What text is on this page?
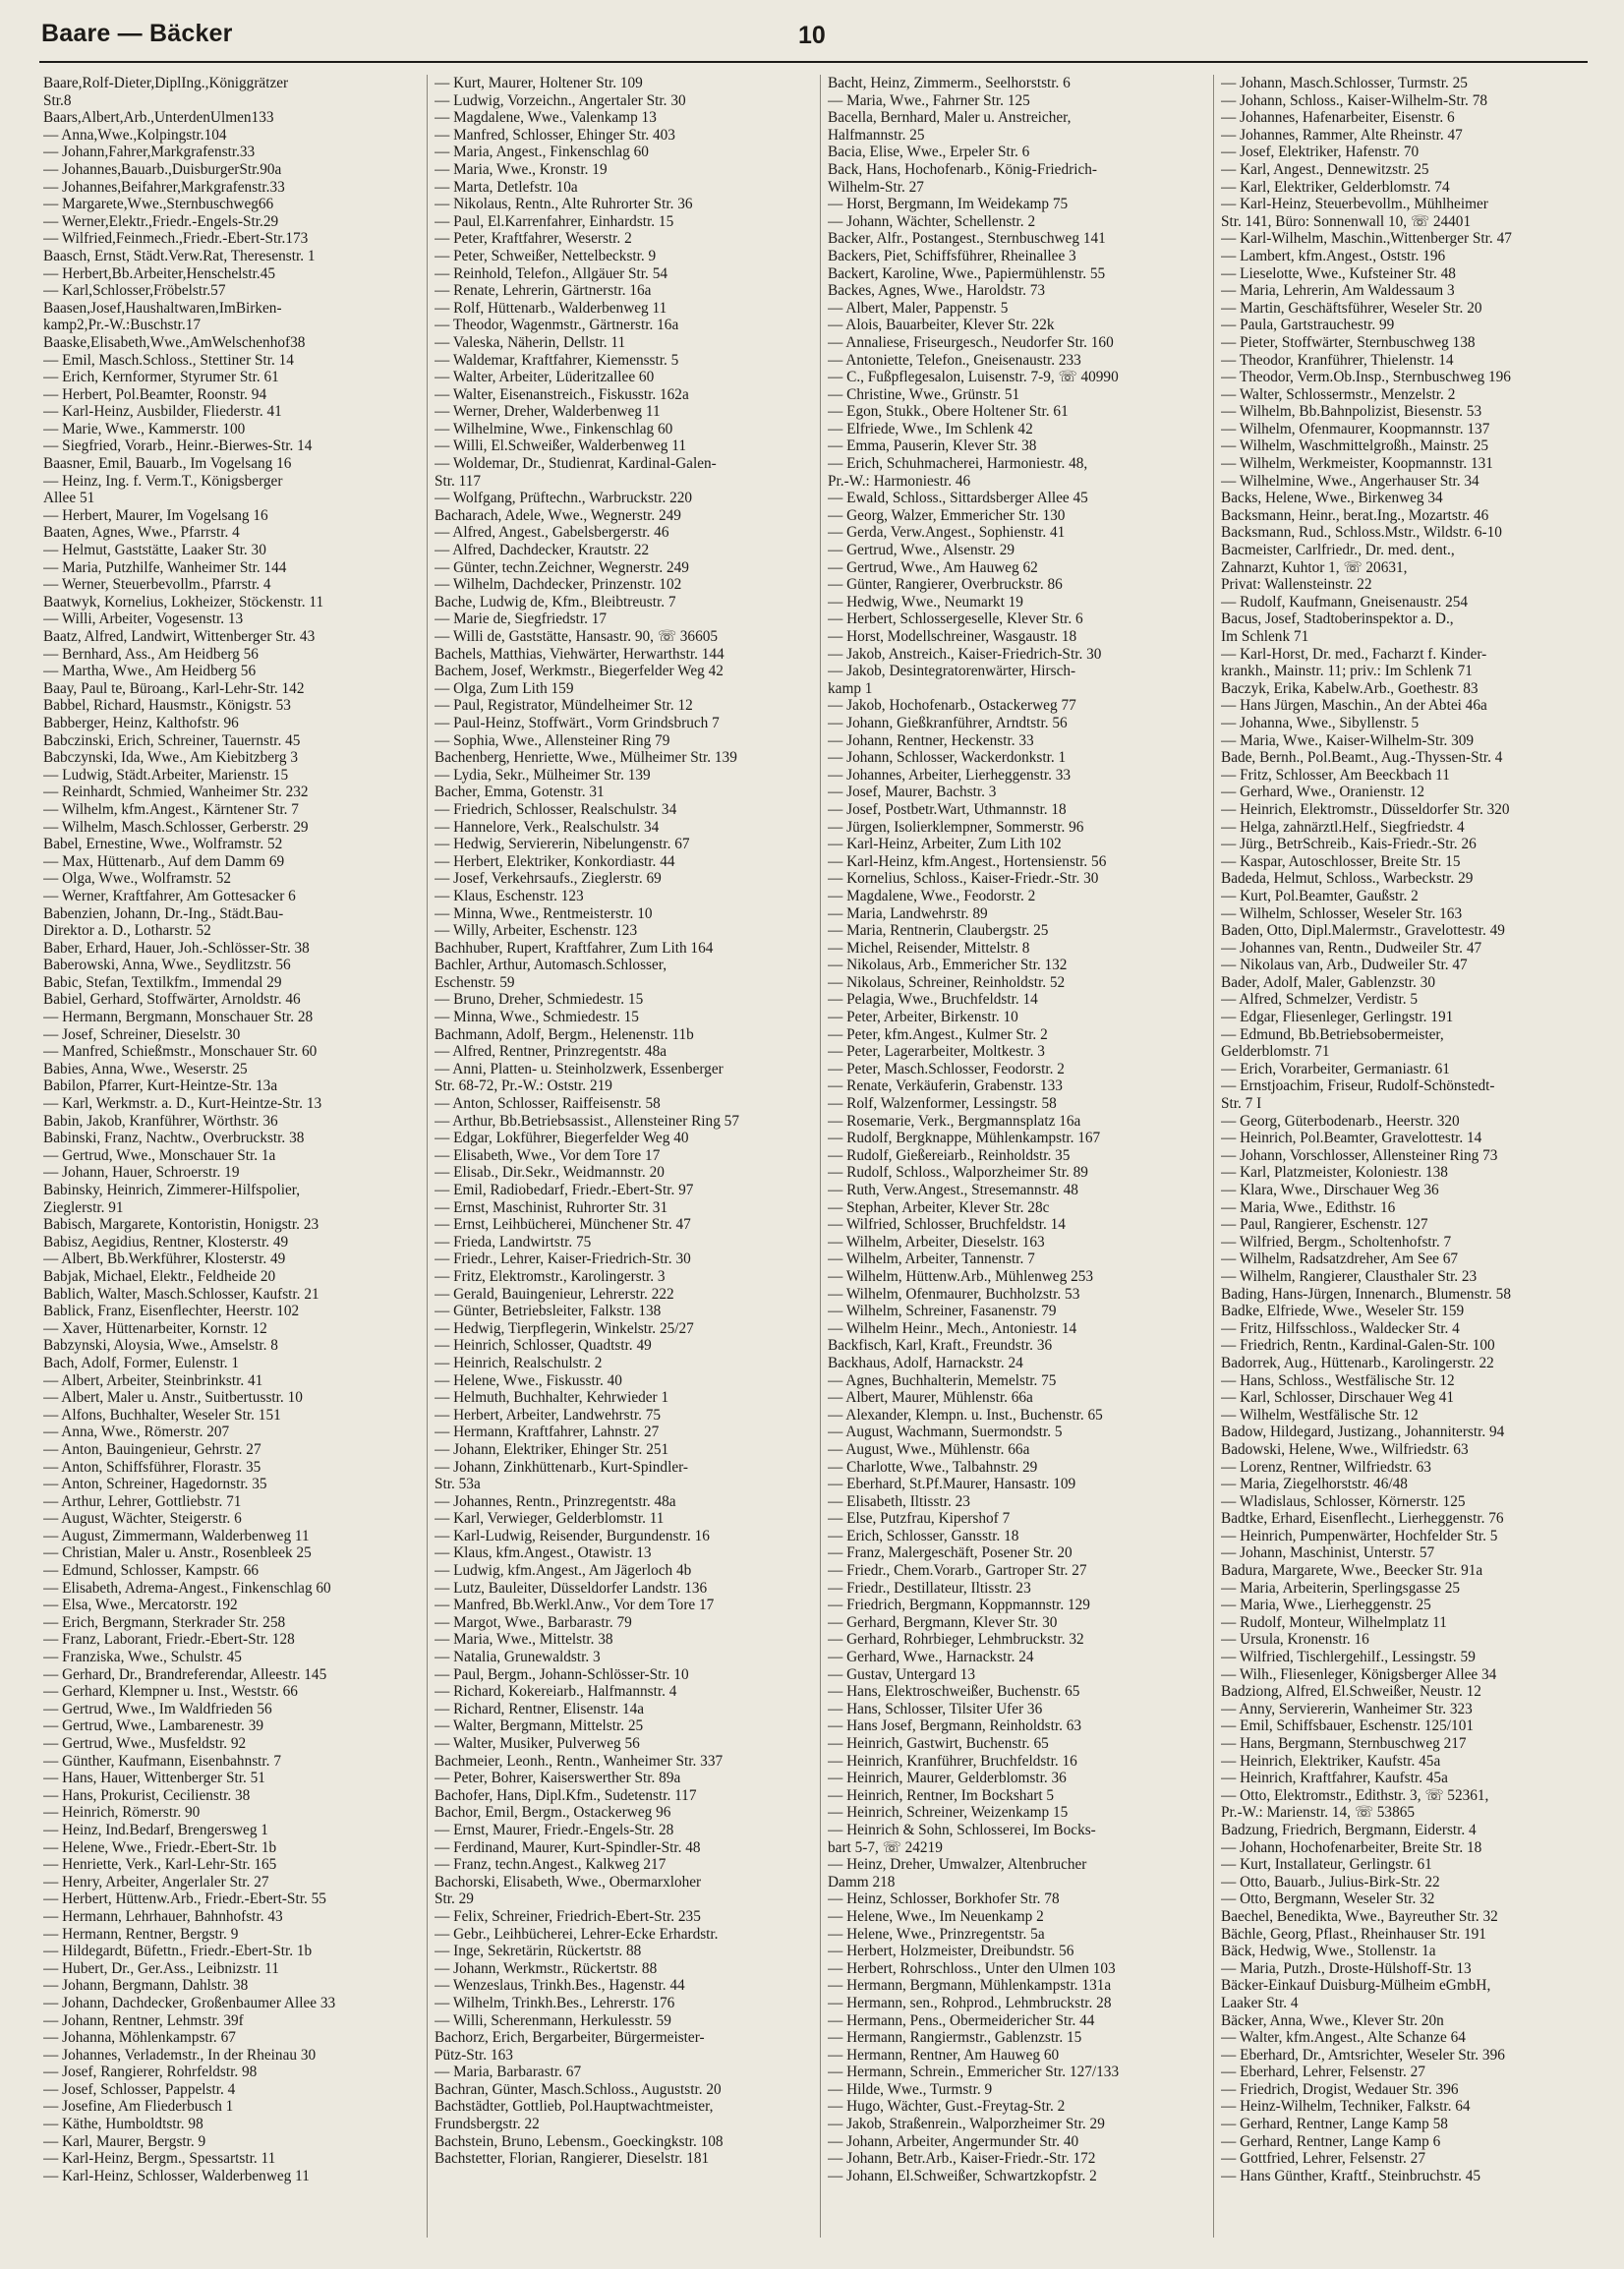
Baare — Bäcker	10
Baare,Rolf-Dieter,DiplIng.,Königgrätzer
Str.8
Baars,Albert,Arb.,UnterdenUlmen133
— Anna,Wwe.,Kolpingstr.104
— Johann,Fahrer,Markgrafenstr.33
— Johannes,Bauarb.,DuisburgerStr.90a
— Johannes,Beifahrer,Markgrafenstr.33
— Margarete,Wwe.,Sternbuschweg66
— Werner,Elektr.,Friedr.-Engels-Str.29
— Wilfried,Feinmech.,Friedr.-Ebert-Str.173
Baasch, Ernst, Städt.Verw.Rat, Theresenstr. 1
— Herbert,Bb.Arbeiter,Henschelstr.45
— Karl,Schlosser,Fröbelstr.57
Baasen,Josef,Haushaltwaren,ImBirken-
kamp2,Pr.-W.:Buschstr.17
Baaske,Elisabeth,Wwe.,AmWelschenhof38
— Emil, Masch.Schloss., Stettiner Str. 14
— Erich, Kernformer, Styrumer Str. 61
— Herbert, Pol.Beamter, Roonstr. 94
— Karl-Heinz, Ausbilder, Fliederstr. 41
— Marie, Wwe., Kammerstr. 100
— Siegfried, Vorarb., Heinr.-Bierwes-Str. 14
Baasner, Emil, Bauarb., Im Vogelsang 16
— Heinz, Ing. f. Verm.T., Königsberger
Allee 51
— Herbert, Maurer, Im Vogelsang 16
Baaten, Agnes, Wwe., Pfarrstr. 4
— Helmut, Gaststätte, Laaker Str. 30
— Maria, Putzhilfe, Wanheimer Str. 144
— Werner, Steuerbevollm., Pfarrstr. 4
Baatwyk, Kornelius, Lokheizer, Stöckenstr. 11
— Willi, Arbeiter, Vogesenstr. 13
Baatz, Alfred, Landwirt, Wittenberger Str. 43
— Bernhard, Ass., Am Heidberg 56
— Martha, Wwe., Am Heidberg 56
Baay, Paul te, Büroang., Karl-Lehr-Str. 142
Babbel, Richard, Hausmstr., Königstr. 53
Babberger, Heinz, Kalthofstr. 96
Babczinski, Erich, Schreiner, Tauernstr. 45
Babczynski, Ida, Wwe., Am Kiebitzberg 3
— Ludwig, Städt.Arbeiter, Marienstr. 15
— Reinhardt, Schmied, Wanheimer Str. 232
— Wilhelm, kfm.Angest., Kärntener Str. 7
— Wilhelm, Masch.Schlosser, Gerberstr. 29
Babel, Ernestine, Wwe., Wolframstr. 52
— Max, Hüttenarb., Auf dem Damm 69
— Olga, Wwe., Wolframstr. 52
— Werner, Kraftfahrer, Am Gottesacker 6
Babenzien, Johann, Dr.-Ing., Städt.Bau-
Direktor a. D., Lotharstr. 52
Baber, Erhard, Hauer, Joh.-Schlösser-Str. 38
Baberowski, Anna, Wwe., Seydlitzstr. 56
Babic, Stefan, Textilkfm., Immendal 29
Babiel, Gerhard, Stoffwärter, Arnoldstr. 46
— Hermann, Bergmann, Monschauer Str. 28
— Josef, Schreiner, Dieselstr. 30
— Manfred, Schießmstr., Monschauer Str. 60
Babies, Anna, Wwe., Weserstr. 25
Babilon, Pfarrer, Kurt-Heintze-Str. 13a
— Karl, Werkmstr. a. D., Kurt-Heintze-Str. 13
Babin, Jakob, Kranführer, Wörthstr. 36
Babinski, Franz, Nachtw., Overbruckstr. 38
— Gertrud, Wwe., Monschauer Str. 1a
— Johann, Hauer, Schroerstr. 19
Babinsky, Heinrich, Zimmerer-Hilfspolier,
Zieglerstr. 91
Babisch, Margarete, Kontoristin, Honigstr. 23
Babisz, Aegidius, Rentner, Klosterstr. 49
— Albert, Bb.Werkführer, Klosterstr. 49
Babjak, Michael, Elektr., Feldheide 20
Bablich, Walter, Masch.Schlosser, Kaufstr. 21
Bablick, Franz, Eisenflechter, Heerstr. 102
— Xaver, Hüttenarbeiter, Kornstr. 12
Babzynski, Aloysia, Wwe., Amselstr. 8
Bach, Adolf, Former, Eulenstr. 1
— Albert, Arbeiter, Steinbrinkstr. 41
— Albert, Maler u. Anstr., Suitbertusstr. 10
— Alfons, Buchhalter, Weseler Str. 151
— Anna, Wwe., Römerstr. 207
— Anton, Bauingenieur, Gehrstr. 27
— Anton, Schiffsführer, Florastr. 35
— Anton, Schreiner, Hagedornstr. 35
— Arthur, Lehrer, Gottliebstr. 71
— August, Wächter, Steigerstr. 6
— August, Zimmermann, Walderbenweg 11
— Christian, Maler u. Anstr., Rosenbleek 25
— Edmund, Schlosser, Kampstr. 66
— Elisabeth, Adrema-Angest., Finkenschlag 60
— Elsa, Wwe., Mercatorstr. 192
— Erich, Bergmann, Sterkrader Str. 258
— Franz, Laborant, Friedr.-Ebert-Str. 128
— Franziska, Wwe., Schulstr. 45
— Gerhard, Dr., Brandreferendar, Alleestr. 145
— Gerhard, Klempner u. Inst., Weststr. 66
— Gertrud, Wwe., Im Waldfrieden 56
— Gertrud, Wwe., Lambarenestr. 39
— Gertrud, Wwe., Musfeldstr. 92
— Günther, Kaufmann, Eisenbahnstr. 7
— Hans, Hauer, Wittenberger Str. 51
— Hans, Prokurist, Cecilienstr. 38
— Heinrich, Römerstr. 90
— Heinz, Ind.Bedarf, Brengersweg 1
— Helene, Wwe., Friedr.-Ebert-Str. 1b
— Henriette, Verk., Karl-Lehr-Str. 165
— Henry, Arbeiter, Angerlaler Str. 27
— Herbert, Hüttenw.Arb., Friedr.-Ebert-Str. 55
— Hermann, Lehrhauer, Bahnhofstr. 43
— Hermann, Rentner, Bergstr. 9
— Hildegardt, Büfettn., Friedr.-Ebert-Str. 1b
— Hubert, Dr., Ger.Ass., Leibnizstr. 11
— Johann, Bergmann, Dahlstr. 38
— Johann, Dachdecker, Großenbaumer Allee 33
— Johann, Rentner, Lehmstr. 39f
— Johanna, Möhlenkampstr. 67
— Johannes, Verlademstr., In der Rheinau 30
— Josef, Rangierer, Rohrfeldstr. 98
— Josef, Schlosser, Pappelstr. 4
— Josefine, Am Fliederbusch 1
— Käthe, Humboldtstr. 98
— Karl, Maurer, Bergstr. 9
— Karl-Heinz, Bergm., Spessartstr. 11
— Karl-Heinz, Schlosser, Walderbenweg 11
— Kurt, Maurer, Holtener Str. 109
— Ludwig, Vorzeichn., Angertaler Str. 30
— Magdalene, Wwe., Valenkamp 13
— Manfred, Schlosser, Ehinger Str. 403
— Maria, Angest., Finkenschlag 60
— Maria, Wwe., Kronstr. 19
— Marta, Detlefstr. 10a
— Nikolaus, Rentn., Alte Ruhrorter Str. 36
— Paul, El.Karrenfahrer, Einhardstr. 15
— Peter, Kraftfahrer, Weserstr. 2
— Peter, Schweißer, Nettelbeckstr. 9
— Reinhold, Telefon., Allgäuer Str. 54
— Renate, Lehrerin, Gärtnerstr. 16a
— Rolf, Hüttenarb., Walderbenweg 11
— Theodor, Wagenmstr., Gärtnerstr. 16a
— Valeska, Näherin, Dellstr. 11
— Waldemar, Kraftfahrer, Kiemensstr. 5
— Walter, Arbeiter, Lüderitzallee 60
— Walter, Eisenanstreich., Fiskusstr. 162a
— Werner, Dreher, Walderbenweg 11
— Wilhelmine, Wwe., Finkenschlag 60
— Willi, El.Schweißer, Walderbenweg 11
— Woldemar, Dr., Studienrat, Kardinal-Galen-
Str. 117
— Wolfgang, Prüftechn., Warbruckstr. 220
Bacharach, Adele, Wwe., Wegnerstr. 249
— Alfred, Angest., Gabelsbergerstr. 46
— Alfred, Dachdecker, Krautstr. 22
— Günter, techn.Zeichner, Wegnerstr. 249
— Wilhelm, Dachdecker, Prinzenstr. 102
Bache, Ludwig de, Kfm., Bleibtreustr. 7
— Marie de, Siegfriedstr. 17
— Willi de, Gaststätte, Hansastr. 90, ☏ 36605
Bachels, Matthias, Viehwärter, Herwarthstr. 144
Bachem, Josef, Werkmstr., Biegerfelder Weg 42
— Olga, Zum Lith 159
— Paul, Registrator, Mündelheimer Str. 12
— Paul-Heinz, Stoffwärt., Vorm Grindsbruch 7
— Sophia, Wwe., Allensteiner Ring 79
Bachenberg, Henriette, Wwe., Mülheimer Str. 139
— Lydia, Sekr., Mülheimer Str. 139
Bacher, Emma, Gotenstr. 31
— Friedrich, Schlosser, Realschulstr. 34
— Hannelore, Verk., Realschulstr. 34
— Hedwig, Serviererin, Nibelungenstr. 67
— Herbert, Elektriker, Konkordiastr. 44
— Josef, Verkehrsaufs., Zieglerstr. 69
— Klaus, Eschenstr. 123
— Minna, Wwe., Rentmeisterstr. 10
— Willy, Arbeiter, Eschenstr. 123
Bachhuber, Rupert, Kraftfahrer, Zum Lith 164
Bachler, Arthur, Automasch.Schlosser,
Eschenstr. 59
— Bruno, Dreher, Schmiedestr. 15
— Minna, Wwe., Schmiedestr. 15
Bachmann, Adolf, Bergm., Helenenstr. 11b
— Alfred, Rentner, Prinzregentstr. 48a
— Anni, Platten- u. Steinholzwerk, Essenberger
Str. 68-72, Pr.-W.: Oststr. 219
— Anton, Schlosser, Raiffeisenstr. 58
— Arthur, Bb.Betriebsassist., Allensteiner Ring 57
— Edgar, Lokführer, Biegerfelder Weg 40
— Elisabeth, Wwe., Vor dem Tore 17
— Elisab., Dir.Sekr., Weidmannstr. 20
— Emil, Radiobedarf, Friedr.-Ebert-Str. 97
— Ernst, Maschinist, Ruhrorter Str. 31
— Ernst, Leihbücherei, Münchener Str. 47
— Frieda, Landwirtstr. 75
— Friedr., Lehrer, Kaiser-Friedrich-Str. 30
— Fritz, Elektromstr., Karolingerstr. 3
— Gerald, Bauingenieur, Lehrerstr. 222
— Günter, Betriebsleiter, Falkstr. 138
— Hedwig, Tierpflegerin, Winkelstr. 25/27
— Heinrich, Schlosser, Quadtstr. 49
— Heinrich, Realschulstr. 2
— Helene, Wwe., Fiskusstr. 40
— Helmuth, Buchhalter, Kehrwieder 1
— Herbert, Arbeiter, Landwehrstr. 75
— Hermann, Kraftfahrer, Lahnstr. 27
— Johann, Elektriker, Ehinger Str. 251
— Johann, Zinkhüttenarb., Kurt-Spindler-
Str. 53a
— Johannes, Rentn., Prinzregentstr. 48a
— Karl, Verwieger, Gelderblomstr. 11
— Karl-Ludwig, Reisender, Burgundenstr. 16
— Klaus, kfm.Angest., Otawistr. 13
— Ludwig, kfm.Angest., Am Jägerloch 4b
— Lutz, Bauleiter, Düsseldorfer Landstr. 136
— Manfred, Bb.Werkl.Anw., Vor dem Tore 17
— Margot, Wwe., Barbarastr. 79
— Maria, Wwe., Mittelstr. 38
— Natalia, Grunewaldstr. 3
— Paul, Bergm., Johann-Schlösser-Str. 10
— Richard, Kokereiarb., Halfmannstr. 4
— Richard, Rentner, Elisenstr. 14a
— Walter, Bergmann, Mittelstr. 25
— Walter, Musiker, Pulverweg 56
Bachmeier, Leonh., Rentn., Wanheimer Str. 337
— Peter, Bohrer, Kaiserswerther Str. 89a
Bachofer, Hans, Dipl.Kfm., Sudetenstr. 117
Bachor, Emil, Bergm., Ostackerweg 96
— Ernst, Maurer, Friedr.-Engels-Str. 28
— Ferdinand, Maurer, Kurt-Spindler-Str. 48
— Franz, techn.Angest., Kalkweg 217
Bachorski, Elisabeth, Wwe., Obermarxloher
Str. 29
— Felix, Schreiner, Friedrich-Ebert-Str. 235
— Gebr., Leihbücherei, Lehrer-Ecke Erhardstr.
— Inge, Sekretärin, Rückertstr. 88
— Johann, Werkmstr., Rückertstr. 88
— Wenzeslaus, Trinkh.Bes., Hagenstr. 44
— Wilhelm, Trinkh.Bes., Lehrerstr. 176
— Willi, Scherenmann, Herkulesstr. 59
Bachorz, Erich, Bergarbeiter, Bürgermeister-
Pütz-Str. 163
— Maria, Barbarastr. 67
Bachran, Günter, Masch.Schloss., Auguststr. 20
Bachstädter, Gottlieb, Pol.Hauptwachtmeister,
Frundsbergstr. 22
Bachstein, Bruno, Lebensm., Goeckingkstr. 108
Bachstetter, Florian, Rangierer, Dieselstr. 181
Bacht, Heinz, Zimmerm., Seelhorststr. 6
— Maria, Wwe., Fahrner Str. 125
Bacella, Bernhard, Maler u. Anstreicher,
Halfmannstr. 25
Bacia, Elise, Wwe., Erpeler Str. 6
Back, Hans, Hochofenarb., König-Friedrich-
Wilhelm-Str. 27
— Horst, Bergmann, Im Weidekamp 75
— Johann, Wächter, Schellenstr. 2
Backer, Alfr., Postangest., Sternbuschweg 141
Backers, Piet, Schiffsführer, Rheinallee 3
Backert, Karoline, Wwe., Papiermühlenstr. 55
Backes, Agnes, Wwe., Haroldstr. 73
— Albert, Maler, Pappenstr. 5
— Alois, Bauarbeiter, Klever Str. 22k
— Annaliese, Friseurgesch., Neudorfer Str. 160
— Antoniette, Telefon., Gneisenaustr. 233
— C., Fußpflegesalon, Luisenstr. 7-9, ☏ 40990
— Christine, Wwe., Grünstr. 51
— Egon, Stukk., Obere Holtener Str. 61
— Elfriede, Wwe., Im Schlenk 42
— Emma, Pauserin, Klever Str. 38
— Erich, Schuhmacherei, Harmoniestr. 48,
Pr.-W.: Harmoniestr. 46
— Ewald, Schloss., Sittardsberger Allee 45
— Georg, Walzer, Emmericher Str. 130
— Gerda, Verw.Angest., Sophienstr. 41
— Gertrud, Wwe., Alsenstr. 29
— Gertrud, Wwe., Am Hauweg 62
— Günter, Rangierer, Overbruckstr. 86
— Hedwig, Wwe., Neumarkt 19
— Herbert, Schlossergeselle, Klever Str. 6
— Horst, Modellschreiner, Wasgaustr. 18
— Jakob, Anstreich., Kaiser-Friedrich-Str. 30
— Jakob, Desintegratorenwärter, Hirsch-
kamp 1
— Jakob, Hochofenarb., Ostackerweg 77
— Johann, Gießkranführer, Arndtstr. 56
— Johann, Rentner, Heckenstr. 33
— Johann, Schlosser, Wackerdonkstr. 1
— Johannes, Arbeiter, Lierheggenstr. 33
— Josef, Maurer, Bachstr. 3
— Josef, Postbetr.Wart, Uthmannstr. 18
— Jürgen, Isolierklempner, Sommerstr. 96
— Karl-Heinz, Arbeiter, Zum Lith 102
— Karl-Heinz, kfm.Angest., Hortensienstr. 56
— Kornelius, Schloss., Kaiser-Friedr.-Str. 30
— Magdalene, Wwe., Feodorstr. 2
— Maria, Landwehrstr. 89
— Maria, Rentnerin, Claubergstr. 25
— Michel, Reisender, Mittelstr. 8
— Nikolaus, Arb., Emmericher Str. 132
— Nikolaus, Schreiner, Reinholdstr. 52
— Pelagia, Wwe., Bruchfeldstr. 14
— Peter, Arbeiter, Birkenstr. 10
— Peter, kfm.Angest., Kulmer Str. 2
— Peter, Lagerarbeiter, Moltkestr. 3
— Peter, Masch.Schlosser, Feodorstr. 2
— Renate, Verkäuferin, Grabenstr. 133
— Rolf, Walzenformer, Lessingstr. 58
— Rosemarie, Verk., Bergmannsplatz 16a
— Rudolf, Bergknappe, Mühlenkampstr. 167
— Rudolf, Gießereiarb., Reinholdstr. 35
— Rudolf, Schloss., Walporzheimer Str. 89
— Ruth, Verw.Angest., Stresemannstr. 48
— Stephan, Arbeiter, Klever Str. 28c
— Wilfried, Schlosser, Bruchfeldstr. 14
— Wilhelm, Arbeiter, Dieselstr. 163
— Wilhelm, Arbeiter, Tannenstr. 7
— Wilhelm, Hüttenw.Arb., Mühlenweg 253
— Wilhelm, Ofenmaurer, Buchholzstr. 53
— Wilhelm, Schreiner, Fasanenstr. 79
— Wilhelm Heinr., Mech., Antoniestr. 14
Backfisch, Karl, Kraft., Freundstr. 36
Backhaus, Adolf, Harnackstr. 24
— Agnes, Buchhalterin, Memelstr. 75
— Albert, Maurer, Mühlenstr. 66a
— Alexander, Klempn. u. Inst., Buchenstr. 65
— August, Wachmann, Suermondstr. 5
— August, Wwe., Mühlenstr. 66a
— Charlotte, Wwe., Talbahnstr. 29
— Eberhard, St.Pf.Maurer, Hansastr. 109
— Elisabeth, Iltisstr. 23
— Else, Putzfrau, Kipershof 7
— Erich, Schlosser, Gansstr. 18
— Franz, Malergeschäft, Posener Str. 20
— Friedr., Chem.Vorarb., Gartroper Str. 27
— Friedr., Destillateur, Iltisstr. 23
— Friedrich, Bergmann, Koppmannstr. 129
— Gerhard, Bergmann, Klever Str. 30
— Gerhard, Rohrbieger, Lehmbruckstr. 32
— Gerhard, Wwe., Harnackstr. 24
— Gustav, Untergard 13
— Hans, Elektroschweißer, Buchenstr. 65
— Hans, Schlosser, Tilsiter Ufer 36
— Hans Josef, Bergmann, Reinholdstr. 63
— Heinrich, Gastwirt, Buchenstr. 65
— Heinrich, Kranführer, Bruchfeldstr. 16
— Heinrich, Maurer, Gelderblomstr. 36
— Heinrich, Rentner, Im Bockshart 5
— Heinrich, Schreiner, Weizenkamp 15
— Heinrich & Sohn, Schlosserei, Im Bocks-
bart 5-7, ☏ 24219
— Heinz, Dreher, Umwalzer, Altenbrucher
Damm 218
— Heinz, Schlosser, Borkhofer Str. 78
— Helene, Wwe., Im Neuenkamp 2
— Helene, Wwe., Prinzregentstr. 5a
— Herbert, Holzmeister, Dreibundstr. 56
— Herbert, Rohrschloss., Unter den Ulmen 103
— Hermann, Bergmann, Mühlenkampstr. 131a
— Hermann, sen., Rohprod., Lehmbruckstr. 28
— Hermann, Pens., Obermeidericher Str. 44
— Hermann, Rangiermstr., Gablenzstr. 15
— Hermann, Rentner, Am Hauweg 60
— Hermann, Schrein., Emmericher Str. 127/133
— Hilde, Wwe., Turmstr. 9
— Hugo, Wächter, Gust.-Freytag-Str. 2
— Jakob, Straßenrein., Walporzheimer Str. 29
— Johann, Arbeiter, Angermunder Str. 40
— Johann, Betr.Arb., Kaiser-Friedr.-Str. 172
— Johann, El.Schweißer, Schwartzkopfstr. 2
— Johann, Masch.Schlosser, Turmstr. 25
— Johann, Schloss., Kaiser-Wilhelm-Str. 78
— Johannes, Hafenarbeiter, Eisenstr. 6
— Johannes, Rammer, Alte Rheinstr. 47
— Josef, Elektriker, Hafenstr. 70
— Karl, Angest., Dennewitzstr. 25
— Karl, Elektriker, Gelderblomstr. 74
— Karl-Heinz, Steuerbevollm., Mühlheimer
Str. 141, Büro: Sonnenwall 10, ☏ 24401
— Karl-Wilhelm, Maschin.,Wittenberger Str. 47
— Lambert, kfm.Angest., Oststr. 196
— Lieselotte, Wwe., Kufsteiner Str. 48
— Maria, Lehrerin, Am Waldessaum 3
— Martin, Geschäftsführer, Weseler Str. 20
— Paula, Gartstrauchestr. 99
— Pieter, Stoffwärter, Sternbuschweg 138
— Theodor, Kranführer, Thielenstr. 14
— Theodor, Verm.Ob.Insp., Sternbuschweg 196
— Walter, Schlossermstr., Menzelstr. 2
— Wilhelm, Bb.Bahnpolizist, Biesenstr. 53
— Wilhelm, Ofenmaurer, Koopmannstr. 137
— Wilhelm, Waschmittelgroßh., Mainstr. 25
— Wilhelm, Werkmeister, Koopmannstr. 131
— Wilhelmine, Wwe., Angerhauser Str. 34
Backs, Helene, Wwe., Birkenweg 34
Backsmann, Heinr., berat.Ing., Mozartstr. 46
Backsmann, Rud., Schloss.Mstr., Wildstr. 6-10
Bacmeister, Carlfriedr., Dr. med. dent.,
Zahnarzt, Kuhtor 1, ☏ 20631,
Privat: Wallensteinstr. 22
— Rudolf, Kaufmann, Gneisenaustr. 254
Bacus, Josef, Stadtoberinspektor a. D.,
Im Schlenk 71
— Karl-Horst, Dr. med., Facharzt f. Kinder-
krankh., Mainstr. 11; priv.: Im Schlenk 71
Baczyk, Erika, Kabelw.Arb., Goethestr. 83
— Hans Jürgen, Maschin., An der Abtei 46a
— Johanna, Wwe., Sibyllenstr. 5
— Maria, Wwe., Kaiser-Wilhelm-Str. 309
Bade, Bernh., Pol.Beamt., Aug.-Thyssen-Str. 4
— Fritz, Schlosser, Am Beeckbach 11
— Gerhard, Wwe., Oranienstr. 12
— Heinrich, Elektromstr., Düsseldorfer Str. 320
— Helga, zahnärztl.Helf., Siegfriedstr. 4
— Jürg., BetrSchreib., Kais-Friedr.-Str. 26
— Kaspar, Autoschlosser, Breite Str. 15
Badeda, Helmut, Schloss., Warbeckstr. 29
— Kurt, Pol.Beamter, Gaußstr. 2
— Wilhelm, Schlosser, Weseler Str. 163
Baden, Otto, Dipl.Malermstr., Gravelottestr. 49
— Johannes van, Rentn., Dudweiler Str. 47
— Nikolaus van, Arb., Dudweiler Str. 47
Bader, Adolf, Maler, Gablenzstr. 30
— Alfred, Schmelzer, Verdistr. 5
— Edgar, Fliesenleger, Gerlingstr. 191
— Edmund, Bb.Betriebsobermeister,
Gelderblomstr. 71
— Erich, Vorarbeiter, Germaniastr. 61
— Ernstjoachim, Friseur, Rudolf-Schönstedt-
Str. 7 I
— Georg, Güterbodenarb., Heerstr. 320
— Heinrich, Pol.Beamter, Gravelottestr. 14
— Johann, Vorschlosser, Allensteiner Ring 73
— Karl, Platzmeister, Koloniestr. 138
— Klara, Wwe., Dirschauer Weg 36
— Maria, Wwe., Edithstr. 16
— Paul, Rangierer, Eschenstr. 127
— Wilfried, Bergm., Scholtenhofstr. 7
— Wilhelm, Radsatzdreher, Am See 67
— Wilhelm, Rangierer, Clausthaler Str. 23
Bading, Hans-Jürgen, Innenarch., Blumenstr. 58
Badke, Elfriede, Wwe., Weseler Str. 159
— Fritz, Hilfsschloss., Waldecker Str. 4
— Friedrich, Rentn., Kardinal-Galen-Str. 100
Badorrek, Aug., Hüttenarb., Karolingerstr. 22
— Hans, Schloss., Westfälische Str. 12
— Karl, Schlosser, Dirschauer Weg 41
— Wilhelm, Westfälische Str. 12
Badow, Hildegard, Justizang., Johanniterstr. 94
Badowski, Helene, Wwe., Wilfriedstr. 63
— Lorenz, Rentner, Wilfriedstr. 63
— Maria, Ziegelhorststr. 46/48
— Wladislaus, Schlosser, Körnerstr. 125
Badtke, Erhard, Eisenflecht., Lierheggenstr. 76
— Heinrich, Pumpenwärter, Hochfelder Str. 5
— Johann, Maschinist, Unterstr. 57
Badura, Margarete, Wwe., Beecker Str. 91a
— Maria, Arbeiterin, Sperlingsgasse 25
— Maria, Wwe., Lierheggenstr. 25
— Rudolf, Monteur, Wilhelmplatz 11
— Ursula, Kronenstr. 16
— Wilfried, Tischlergehilf., Lessingstr. 59
— Wilh., Fliesenleger, Königsberger Allee 34
Badziong, Alfred, El.Schweißer, Neustr. 12
— Anny, Serviererin, Wanheimer Str. 323
— Emil, Schiffsbauer, Eschenstr. 125/101
— Hans, Bergmann, Sternbuschweg 217
— Heinrich, Elektriker, Kaufstr. 45a
— Heinrich, Kraftfahrer, Kaufstr. 45a
— Otto, Elektromstr., Edithstr. 3, ☏ 52361,
Pr.-W.: Marienstr. 14, ☏ 53865
Badzung, Friedrich, Bergmann, Eiderstr. 4
— Johann, Hochofenarbeiter, Breite Str. 18
— Kurt, Installateur, Gerlingstr. 61
— Otto, Bauarb., Julius-Birk-Str. 22
— Otto, Bergmann, Weseler Str. 32
Baechel, Benedikta, Wwe., Bayreuther Str. 32
Bächle, Georg, Pflast., Rheinhauser Str. 191
Bäck, Hedwig, Wwe., Stollenstr. 1a
— Maria, Putzh., Droste-Hülshoff-Str. 13
Bäcker-Einkauf Duisburg-Mülheim eGmbH,
Laaker Str. 4
Bäcker, Anna, Wwe., Klever Str. 20n
— Walter, kfm.Angest., Alte Schanze 64
— Eberhard, Dr., Amtsrichter, Weseler Str. 396
— Eberhard, Lehrer, Felsenstr. 27
— Friedrich, Drogist, Wedauer Str. 396
— Heinz-Wilhelm, Techniker, Falkstr. 64
— Gerhard, Rentner, Lange Kamp 58
— Gerhard, Rentner, Lange Kamp 6
— Gottfried, Lehrer, Felsenstr. 27
— Hans Günther, Kraftf., Steinbruchstr. 45
